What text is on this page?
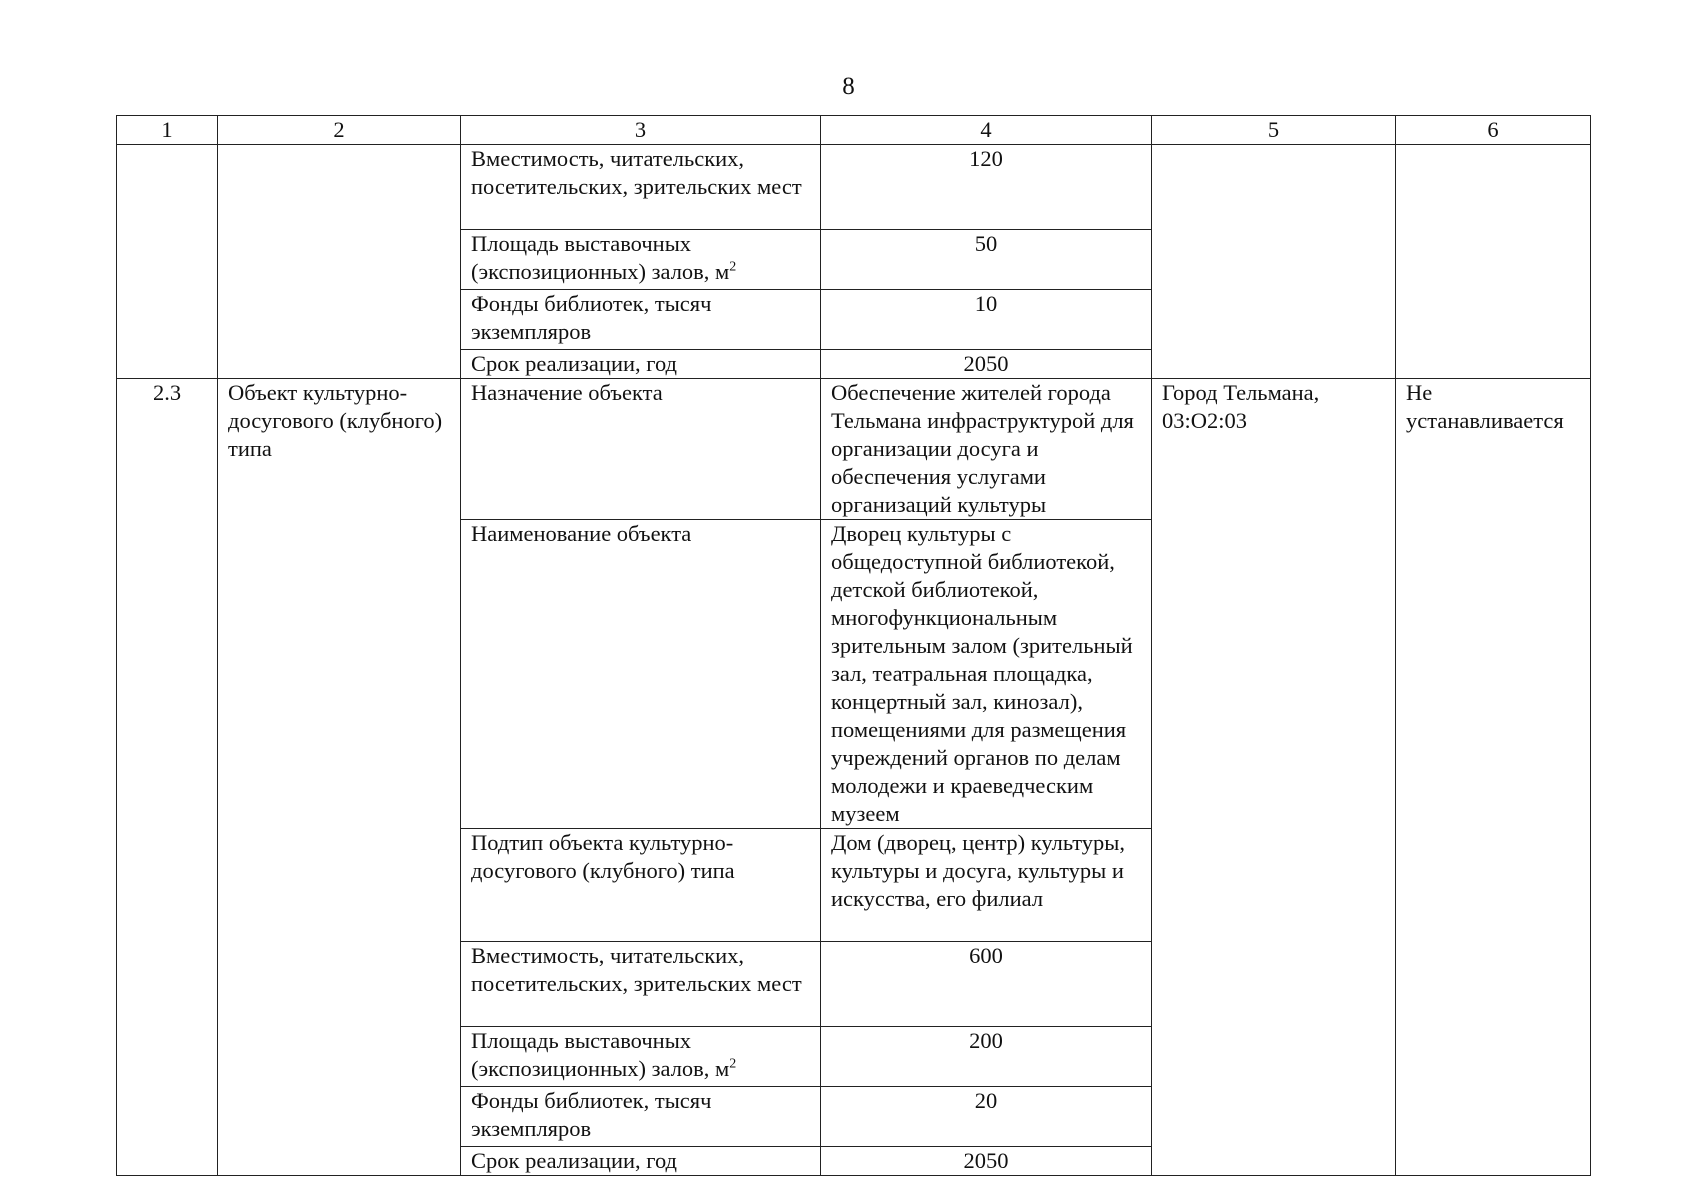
8
1	2	3	4	5	6
		Вместимость, читательских, посетительских, зрительских мест	120		
		Площадь выставочных (экспозиционных) залов, $м^2$	50		
		Фонды библиотек, тысяч экземпляров	10		
		Срок реализации, год	2050		
2.3	Объект культурно-досугового (клубного) типа	Назначение объекта	Обеспечение жителей города Тельмана инфраструктурой для организации досуга и обеспечения услугами организаций культуры	Город Тельмана, 03:О2:03	Не устанавливается
		Наименование объекта	Дворец культуры с общедоступной библиотекой, детской библиотекой, многофункциональным зрительным залом (зрительный зал, театральная площадка, концертный зал, кинозал), помещениями для размещения учреждений органов по делам молодежи и краеведческим музеем		
		Подтип объекта культурно-досугового (клубного) типа	Дом (дворец, центр) культуры, культуры и досуга, культуры и искусства, его филиал		
		Вместимость, читательских, посетительских, зрительских мест	600		
		Площадь выставочных (экспозиционных) залов, $м^2$	200		
		Фонды библиотек, тысяч экземпляров	20		
		Срок реализации, год	2050		
